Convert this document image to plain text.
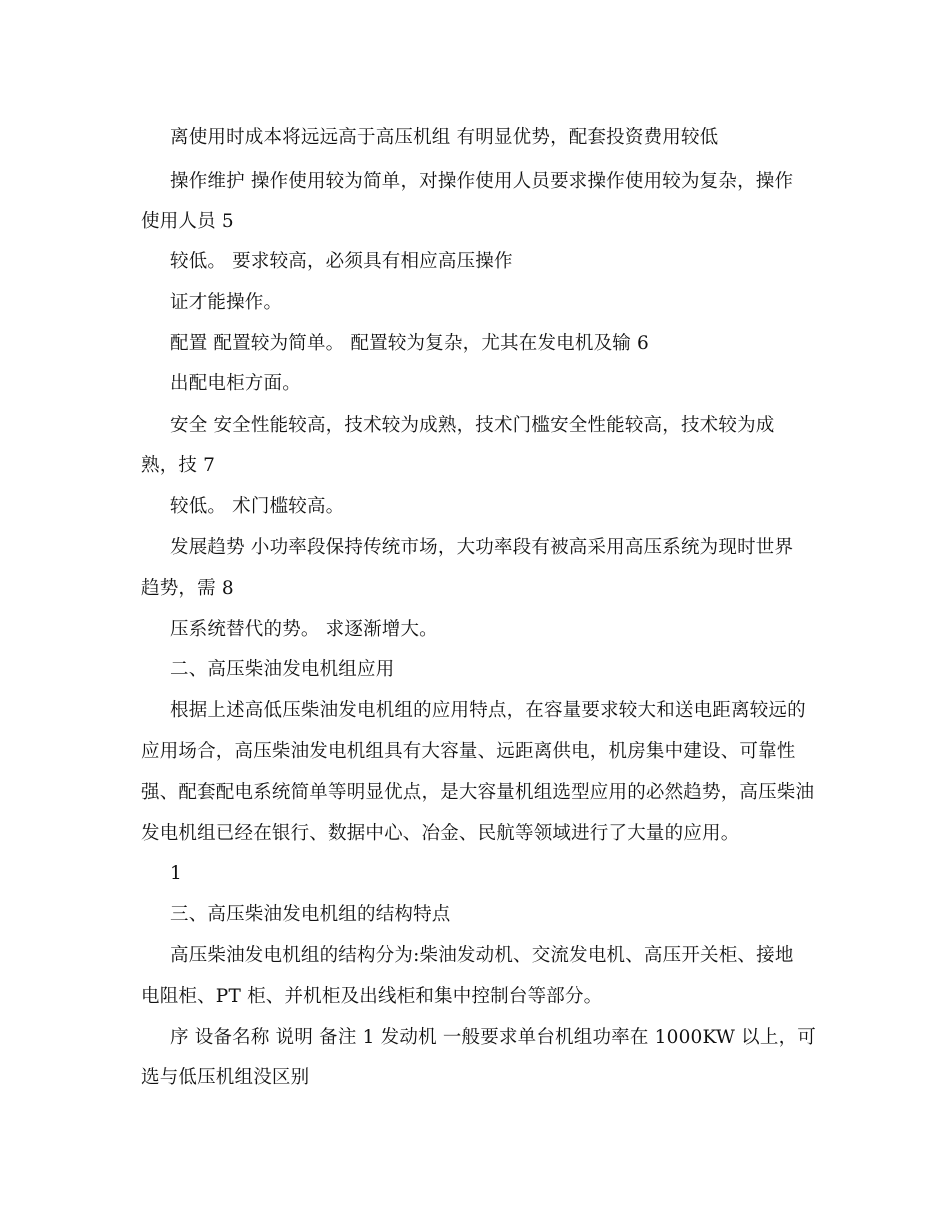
离使用时成本将远远高于高压机组 有明显优势，配套投资费用较低
操作维护 操作使用较为简单，对操作使用人员要求操作使用较为复杂，操作
使用人员 5
较低。 要求较高，必须具有相应高压操作
证才能操作。
配置 配置较为简单。 配置较为复杂，尤其在发电机及输 6
出配电柜方面。
安全 安全性能较高，技术较为成熟，技术门槛安全性能较高，技术较为成
熟，技 7
较低。 术门槛较高。
发展趋势 小功率段保持传统市场，大功率段有被高采用高压系统为现时世界
趋势，需 8
压系统替代的势。 求逐渐增大。
二、高压柴油发电机组应用
根据上述高低压柴油发电机组的应用特点，在容量要求较大和送电距离较远的
应用场合，高压柴油发电机组具有大容量、远距离供电，机房集中建设、可靠性
强、配套配电系统简单等明显优点，是大容量机组选型应用的必然趋势，高压柴油
发电机组已经在银行、数据中心、冶金、民航等领域进行了大量的应用。
1
三、高压柴油发电机组的结构特点
高压柴油发电机组的结构分为:柴油发动机、交流发电机、高压开关柜、接地
电阻柜、PT 柜、并机柜及出线柜和集中控制台等部分。
序 设备名称 说明 备注 1 发动机 一般要求单台机组功率在 1000KW 以上，可
选与低压机组没区别
